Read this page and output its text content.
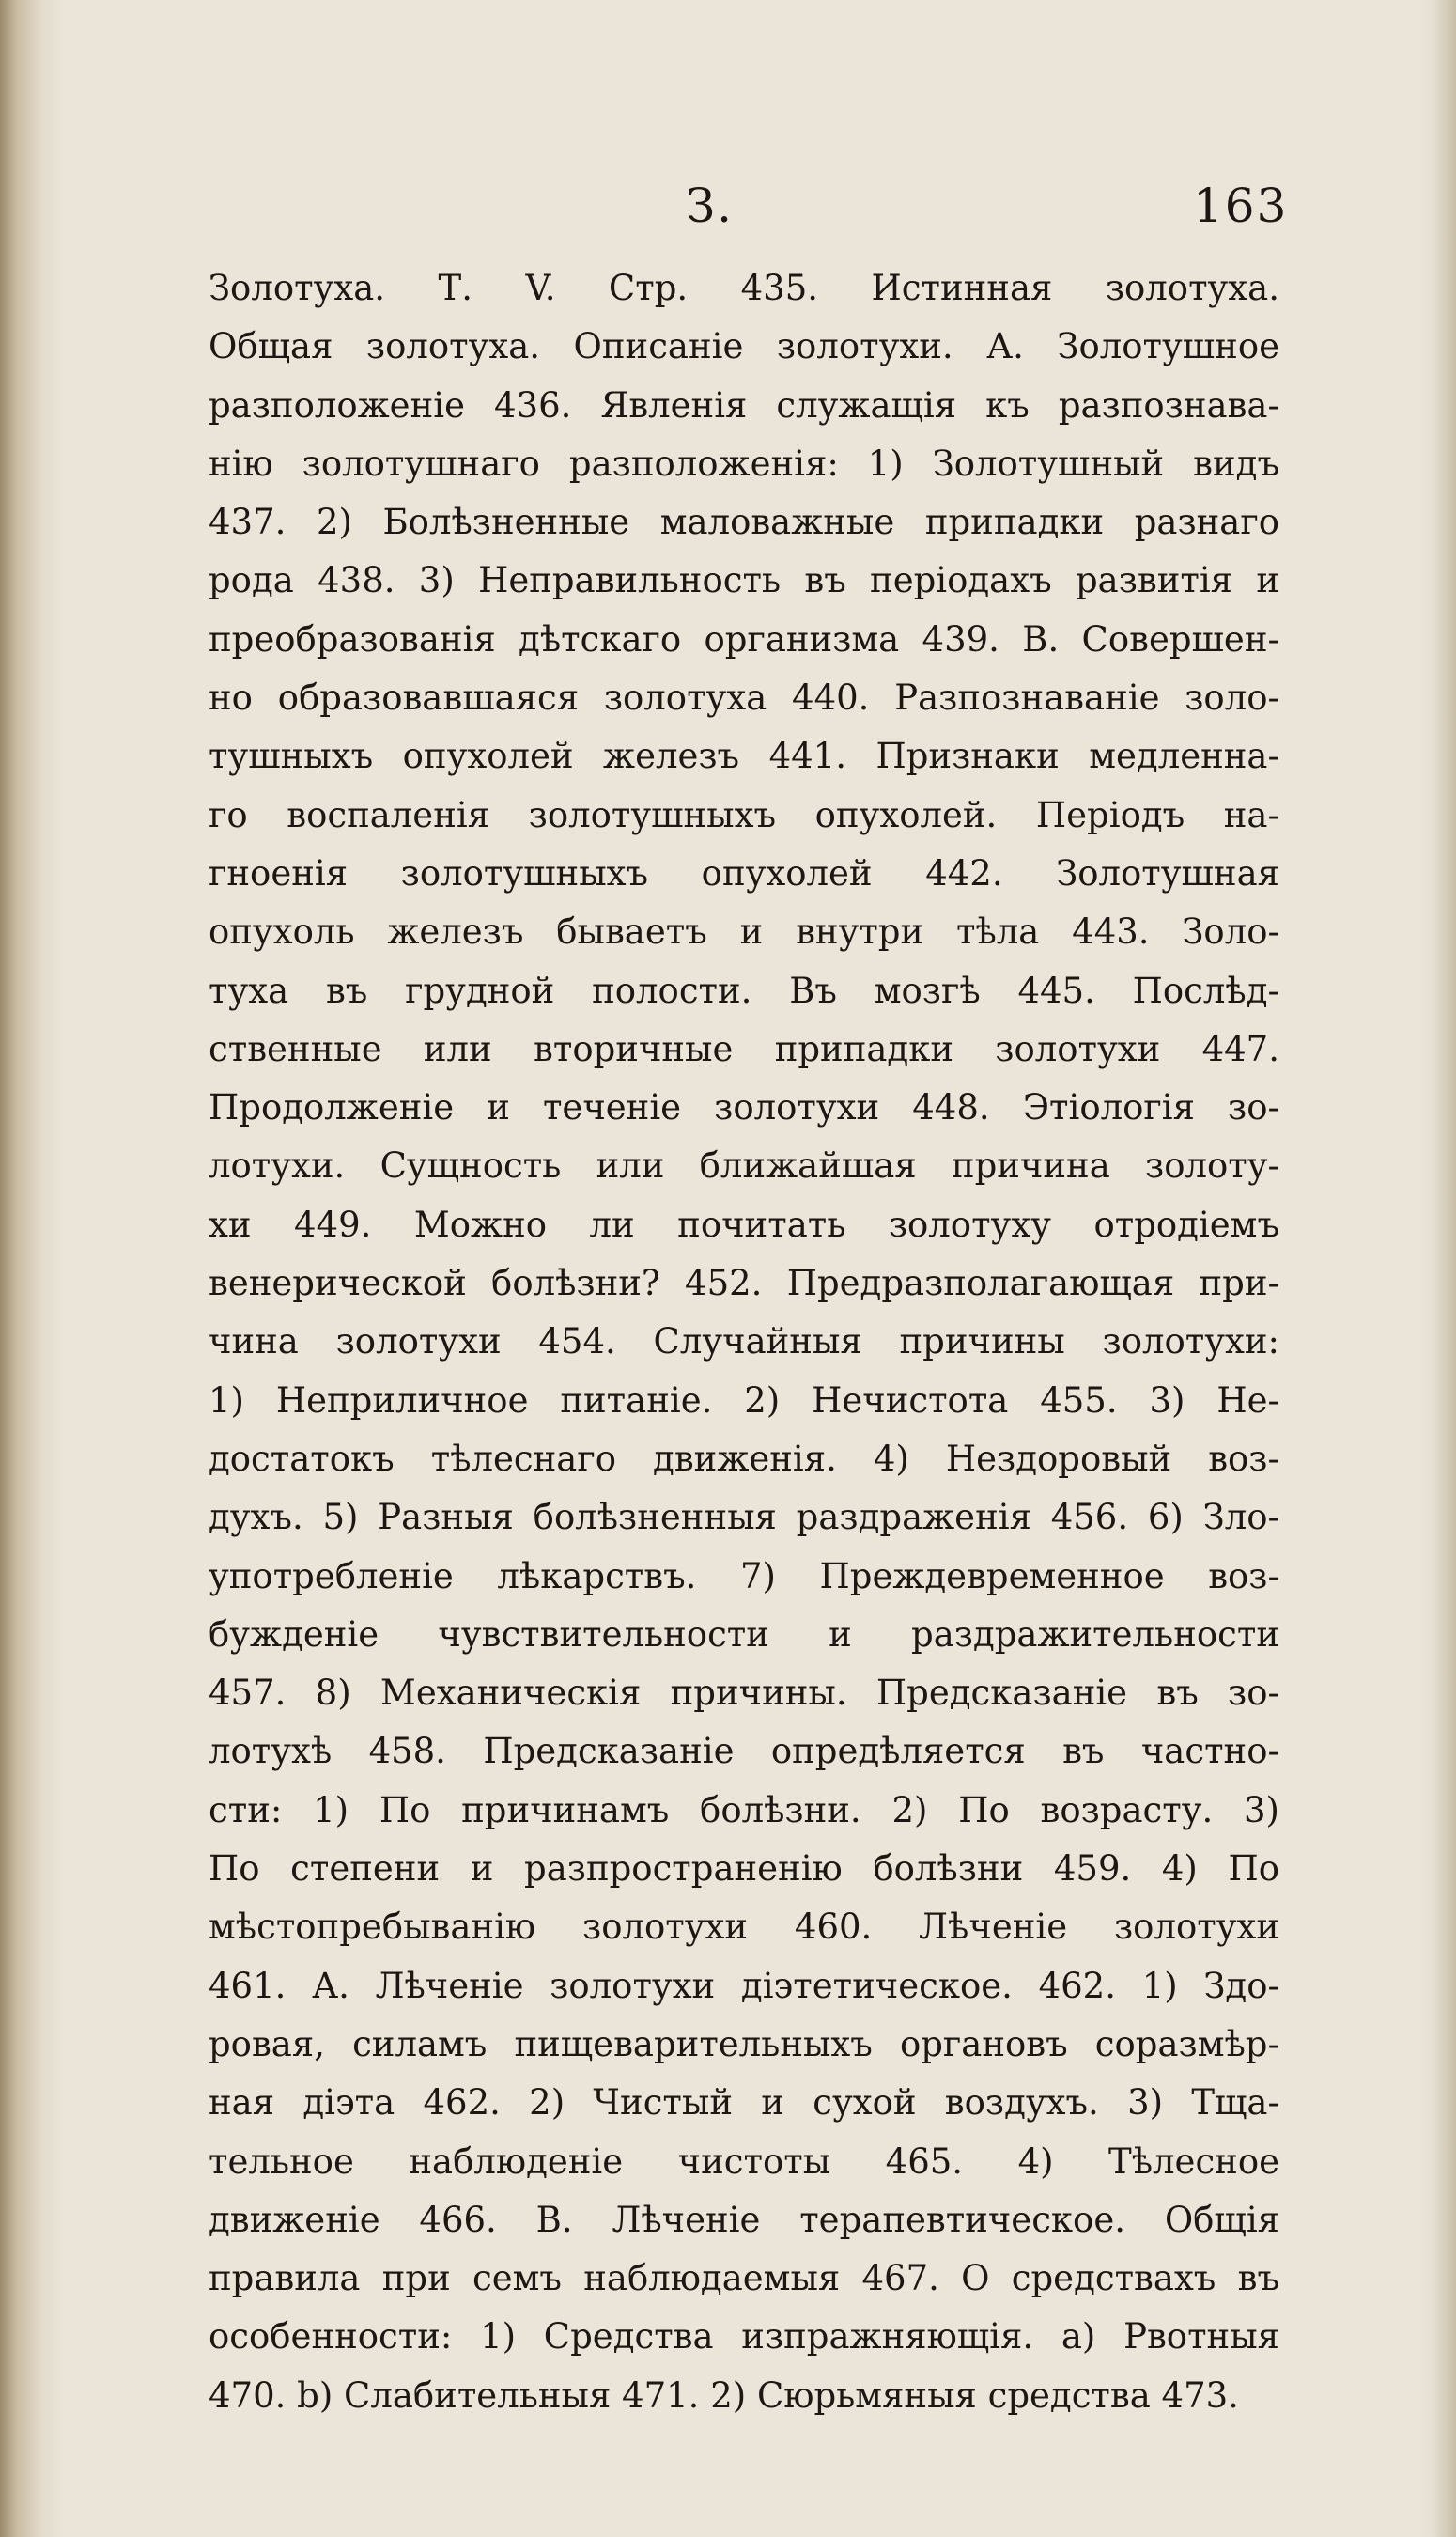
З.	163
Золотуха. Т. V. Стр. 435. Истинная золотуха.
Общая золотуха. Описаніе золотухи. А. Золотушное
разположеніе 436. Явленія служащія къ разпознава-
нію золотушнаго разположенія: 1) Золотушный видъ
437. 2) Болѣзненные маловажные припадки разнаго
рода 438. 3) Неправильность въ періодахъ развитія и
преобразованія дѣтскаго организма 439. В. Совершен-
но образовавшаяся золотуха 440. Разпознаваніе золо-
тушныхъ опухолей железъ 441. Признаки медленна-
го воспаленія золотушныхъ опухолей. Періодъ на-
гноенія золотушныхъ опухолей 442. Золотушная
опухоль железъ бываетъ и внутри тѣла 443. Золо-
туха въ грудной полости. Въ мозгѣ 445. Послѣд-
ственные или вторичные припадки золотухи 447.
Продолженіе и теченіе золотухи 448. Этіологія зо-
лотухи. Сущность или ближайшая причина золоту-
хи 449. Можно ли почитать золотуху отродіемъ
венерической болѣзни? 452. Предразполагающая при-
чина золотухи 454. Случайныя причины золотухи:
1) Неприличное питаніе. 2) Нечистота 455. 3) Не-
достатокъ тѣлеснаго движенія. 4) Нездоровый воз-
духъ. 5) Разныя болѣзненныя раздраженія 456. 6) Зло-
употребленіе лѣкарствъ. 7) Преждевременное воз-
бужденіе чувствительности и раздражительности
457. 8) Механическія причины. Предсказаніе въ зо-
лотухѣ 458. Предсказаніе опредѣляется въ частно-
сти: 1) По причинамъ болѣзни. 2) По возрасту. 3)
По степени и разпространенію болѣзни 459. 4) По
мѣстопребыванію золотухи 460. Лѣченіе золотухи
461. А. Лѣченіе золотухи діэтетическое. 462. 1) Здо-
ровая, силамъ пищеварительныхъ органовъ соразмѣр-
ная діэта 462. 2) Чистый и сухой воздухъ. 3) Тща-
тельное наблюденіе чистоты 465. 4) Тѣлесное
движеніе 466. В. Лѣченіе терапевтическое. Общія
правила при семъ наблюдаемыя 467. О средствахъ въ
особенности: 1) Средства изпражняющія. a) Рвотныя
470. b) Слабительныя 471. 2) Сюрьмяныя средства 473.
